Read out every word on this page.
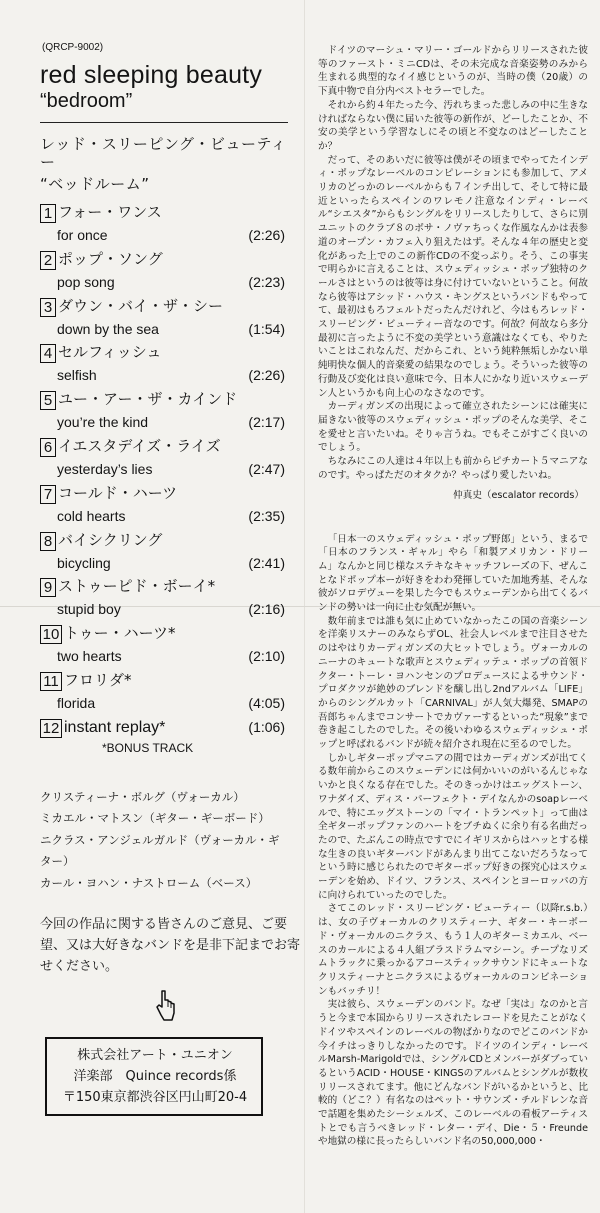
(QRCP-9002)
red sleeping beauty
“bedroom”
レッド・スリーピング・ビューティー
“ベッドルーム”
1 フォー・ワンス
for once	(2:26)
2 ポップ・ソング
pop song	(2:23)
3 ダウン・バイ・ザ・シー
down by the sea	(1:54)
4 セルフィッシュ
selfish	(2:26)
5 ユー・アー・ザ・カインド
you’re the kind	(2:17)
6 イエスタデイズ・ライズ
yesterday’s lies	(2:47)
7 コールド・ハーツ
cold hearts	(2:35)
8 バイシクリング
bicycling	(2:41)
9 ストゥーピド・ボーイ*
stupid boy	(2:16)
10 トゥー・ハーツ*
two hearts	(2:10)
11 フロリダ*
florida	(4:05)
12 instant replay*	(1:06)
*BONUS TRACK
クリスティーナ・ボルグ（ヴォーカル）
ミカエル・マトスン（ギター・ギーボード）
ニクラス・アンジェルガルド（ヴォーカル・ギター）
カール・ヨハン・ナストローム（ベース）
今回の作品に関する皆さんのご意見、ご要望、又は大好きなバンドを是非下記までお寄せください。
株式会社アート・ユニオン
洋楽部　Quince records係
〒150東京都渋谷区円山町20-4

ドイツのマーシュ・マリー・ゴールドからリリースされた彼等のファースト・ミニCDは、その未完成な音楽姿勢のみから生まれる典型的なイイ感じというのが、当時の僕（20歳）の下真中物で自分内ベストセラーでした。

それから約４年たった今、汚れちまった悲しみの中に生きなければならない僕に届いた彼等の新作が、どーしたことか、不安の美学という学習なしにその頃と不変なのはどーしたことか？

だって、そのあいだに彼等は僕がその頃までやってたインディ・ポップなレーベルのコンピレーションにも参加して、アメリカのどっかのレーベルからも７インチ出して、そして特に最近といったらスペインのワレモノ注意なインディ・レーベル“シエスタ”からもシングルをリリースしたりして、さらに別ユニットのクラブ８のボサ・ノヴァちっくな作風なんかは表参道のオープン・カフェ入り狙えたはず。そんな４年の歴史と変化があった上でのこの新作CDの不変っぷり。そう、この事実で明らかに言えることは、スウェディッシュ・ポップ独特のクールさはというのは彼等は身に付けていないということ。何故なら彼等はアシッド・ハウス・キングスというバンドもやってて、最初はもろフェルトだったんだけれど、今はもろレッド・スリーピング・ビューティー音なのです。何故？何故なら多分最初に言ったように不変の美学という意識はなくても、やりたいことはこれなんだ、だからこれ、という純粋無垢しかない単純明快な個人的音楽愛の結果なのでしょう。そういった彼等の行動及び変化は良い意味で今、日本人にかなり近いスウェーデン人というかも向上心のなさなのです。

カーディガンズの出現によって確立されたシーンには確実に届きない彼等のスウェディッシュ・ポップのそんな美学、そこを愛せと言いたいね。そりゃ言うね。でもそこがすごく良いのでしょう。

ちなみにこの人達は４年以上も前からピチカート５マニアなのです。やっぱただのオタクか？やっぱり愛したいね。

仲真史（escalator records）

「日本一のスウェディッシュ・ポップ野郎」という、まるで「日本のフランス・ギャル」やら「和製アメリカン・ドリーム」なんかと同じ様なステキなキャッチフレーズの下、ぜんことなドポップ本ーが好きをわわ発揮していた加地秀基、そんな彼がソロデヴューを果した今でもスウェーデンから出てくるバンドの勢いは一向に止む気配が無い。

数年前までは誰も気に止めていなかったこの国の音楽シーンを洋楽リスナーのみならずOL、社会人レベルまで注目させたのはやはりカーディガンズの大ヒットでしょう。ヴォーカルのニーナのキュートな歌声とスウェディッテュ・ポップの首領ドクター・トーレ・ヨハンセンのプロデュースによるサウンド・プロダクツが絶妙のブレンドを醸し出し2ndアルバム「LIFE」からのシングルカット「CARNIVAL」が人気大爆発、SMAPの吾郎ちゃんまでコンサートでカヴァーするといった“現象”まで巻き起こしたのでした。その後いわゆるスウェディッシュ・ポップと呼ばれるバンドが続々紹介され現在に至るのでした。

しかしギターポップマニアの間ではカーディガンズが出てくる数年前からこのスウェーデンには何かいいのがいるんじゃないかと良くなる存在でした。そのきっかけはエッグストーン、ワナダイズ、ディス・パーフェクト・デイなんかのsoapレーベルで、特にエッグストーンの「マイ・トランペット」って曲は全ギターポップファンのハートをブチぬくに余り有る名曲だったので、たぶんこの時点ですでにイギリスからはハッとする様な生きの良いギターバンドがあんまり出てこないだろうなってという時に感じられたのでギターポップ好きの探究心はスウェーデンを始め、ドイツ、フランス、スペインとヨーロッパの方に向けられていったのでした。

さてこのレッド・スリーピング・ビューティー（以降r.s.b.）は、女の子ヴォーカルのクリスティーナ、ギター・キーボード・ヴォーカルのニクラス、もう１人のギターミカエル、ベースのカールによる４人組ブラスドラムマシーン。チープなリズムトラックに乗っかるアコースティックサウンドにキュートなクリスティーナとニクラスによるヴォーカルのコンビネーションもバッチリ！

実は彼ら、スウェーデンのバンド。なぜ「実は」なのかと言うと今まで本国からリリースされたレコードを見たことがなくドイツやスペインのレーベルの物ばかりなのでどこのバンドか今イチはっきりしなかったのです。ドイツのインディ・レーベルMarsh-Marigoldでは、シングルCDとメンバーがダブっているというACID・HOUSE・KINGSのアルバムとシングルが数枚リリースされてます。他にどんなバンドがいるかというと、比較的（どこ？）有名なのはペット・サウンズ・チルドレンな音で話題を集めたシーシェルズ、このレーベルの看板アーティストとでも言うべきレッド・レター・デイ、Die・５・Freundeや地獄の様に長ったらしいバンド名の50,000,000・
